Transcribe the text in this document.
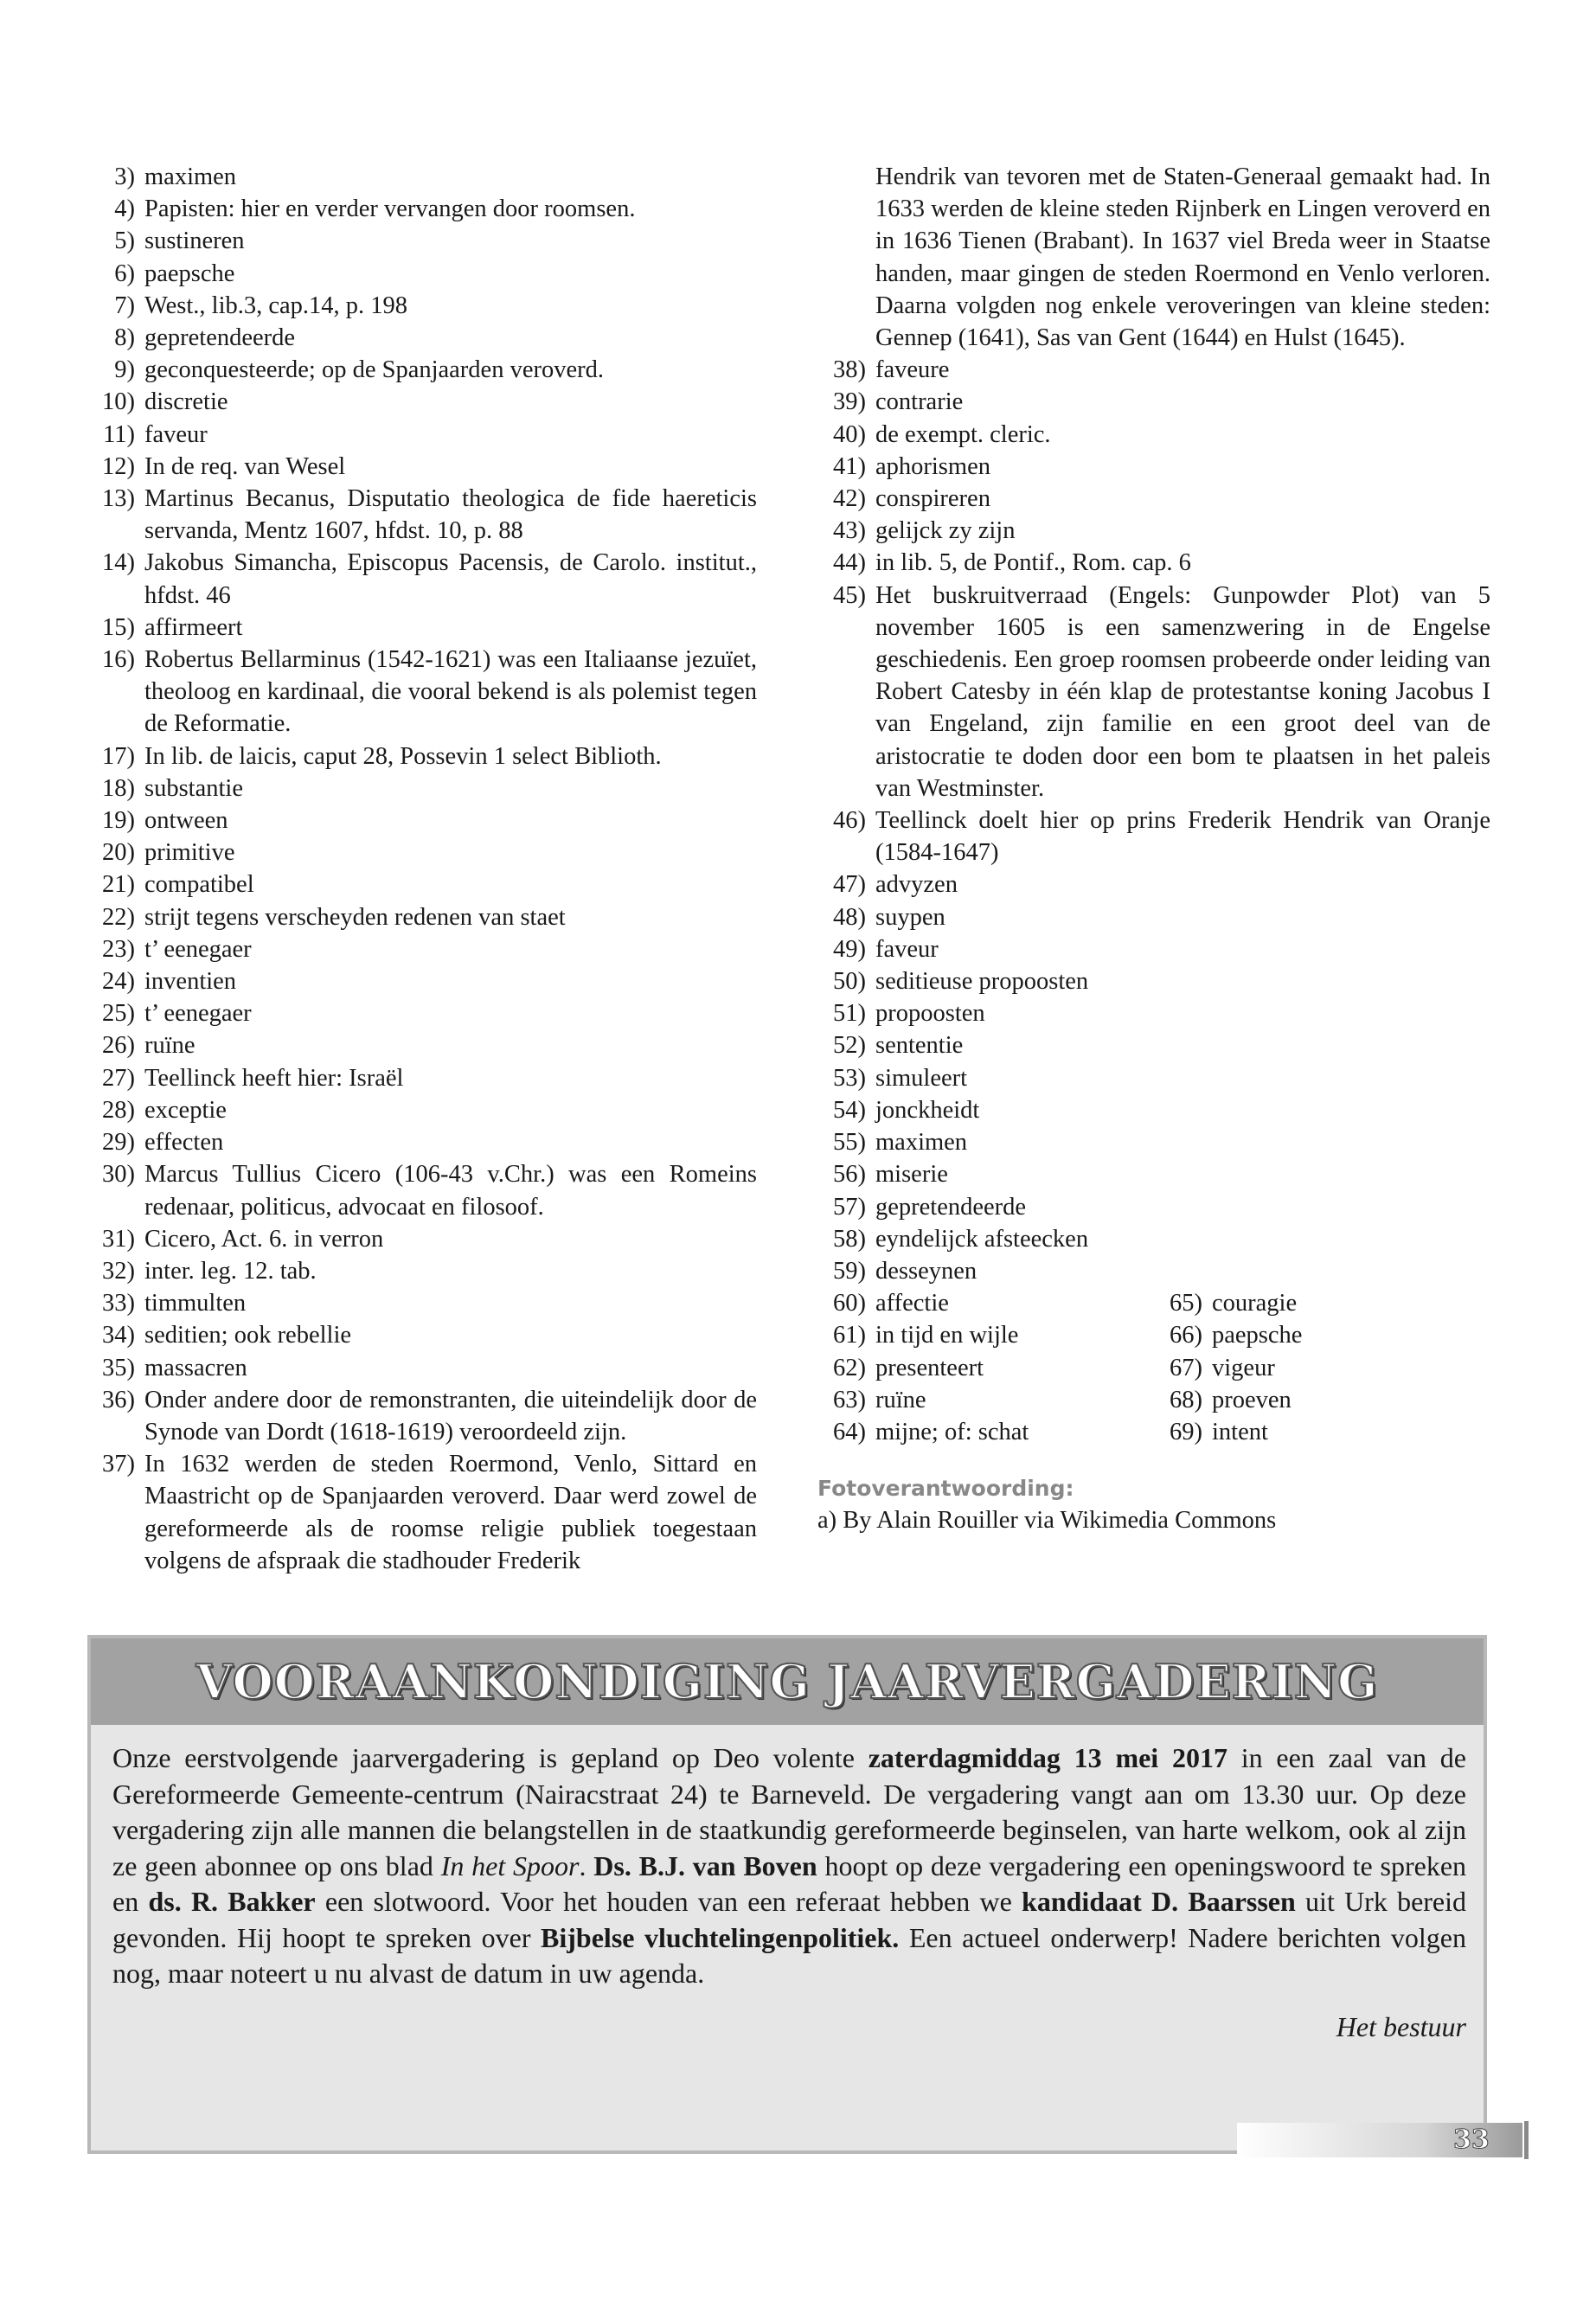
3) maximen
4) Papisten: hier en verder vervangen door roomsen.
5) sustineren
6) paepsche
7) West., lib.3, cap.14, p. 198
8) gepretendeerde
9) geconquesteerde; op de Spanjaarden veroverd.
10) discretie
11) faveur
12) In de req. van Wesel
13) Martinus Becanus, Disputatio theologica de fide haereticis servanda, Mentz 1607, hfdst. 10, p. 88
14) Jakobus Simancha, Episcopus Pacensis, de Carolo. institut., hfdst. 46
15) affirmeert
16) Robertus Bellarminus (1542-1621) was een Italiaanse jezuïet, theoloog en kardinaal, die vooral bekend is als polemist tegen de Reformatie.
17) In lib. de laicis, caput 28, Possevin 1 select Biblioth.
18) substantie
19) ontween
20) primitive
21) compatibel
22) strijt tegens verscheyden redenen van staet
23) t’ eenegaer
24) inventien
25) t’ eenegaer
26) ruïne
27) Teellinck heeft hier: Israël
28) exceptie
29) effecten
30) Marcus Tullius Cicero (106-43 v.Chr.) was een Romeins redenaar, politicus, advocaat en filosoof.
31) Cicero, Act. 6. in verron
32) inter. leg. 12. tab.
33) timmulten
34) seditien; ook rebellie
35) massacren
36) Onder andere door de remonstranten, die uiteindelijk door de Synode van Dordt (1618-1619) veroordeeld zijn.
37) In 1632 werden de steden Roermond, Venlo, Sittard en Maastricht op de Spanjaarden veroverd. Daar werd zowel de gereformeerde als de roomse religie publiek toegestaan volgens de afspraak die stadhouder Frederik
Hendrik van tevoren met de Staten-Generaal gemaakt had. In 1633 werden de kleine steden Rijnberk en Lingen veroverd en in 1636 Tienen (Brabant). In 1637 viel Breda weer in Staatse handen, maar gingen de steden Roermond en Venlo verloren. Daarna volgden nog enkele veroveringen van kleine steden: Gennep (1641), Sas van Gent (1644) en Hulst (1645).
38) faveure
39) contrarie
40) de exempt. cleric.
41) aphorismen
42) conspireren
43) gelijck zy zijn
44) in lib. 5, de Pontif., Rom. cap. 6
45) Het buskruitverraad (Engels: Gunpowder Plot) van 5 november 1605 is een samenzwering in de Engelse geschiedenis. Een groep roomsen probeerde onder leiding van Robert Catesby in één klap de protestantse koning Jacobus I van Engeland, zijn familie en een groot deel van de aristocratie te doden door een bom te plaatsen in het paleis van Westminster.
46) Teellinck doelt hier op prins Frederik Hendrik van Oranje (1584-1647)
47) advyzen
48) suypen
49) faveur
50) seditieuse propoosten
51) propoosten
52) sententie
53) simuleert
54) jonckheidt
55) maximen
56) miserie
57) gepretendeerde
58) eyndelijck afsteecken
59) desseynen
60) affectie
61) in tijd en wijle
62) presenteert
63) ruïne
64) mijne; of: schat
65) couragie
66) paepsche
67) vigeur
68) proeven
69) intent
Fotoverantwoording:
a) By Alain Rouiller via Wikimedia Commons
VOORAANKONDIGING JAARVERGADERING
Onze eerstvolgende jaarvergadering is gepland op Deo volente zaterdagmiddag 13 mei 2017 in een zaal van de Gereformeerde Gemeente-centrum (Nairacstraat 24) te Barneveld. De vergadering vangt aan om 13.30 uur. Op deze vergadering zijn alle mannen die belangstellen in de staatkundig gereformeerde beginselen, van harte welkom, ook al zijn ze geen abonnee op ons blad In het Spoor. Ds. B.J. van Boven hoopt op deze vergadering een openingswoord te spreken en ds. R. Bakker een slotwoord. Voor het houden van een referaat hebben we kandidaat D. Baarssen uit Urk bereid gevonden. Hij hoopt te spreken over Bijbelse vluchtelingenpolitiek. Een actueel onderwerp! Nadere berichten volgen nog, maar noteert u nu alvast de datum in uw agenda.
Het bestuur
33
